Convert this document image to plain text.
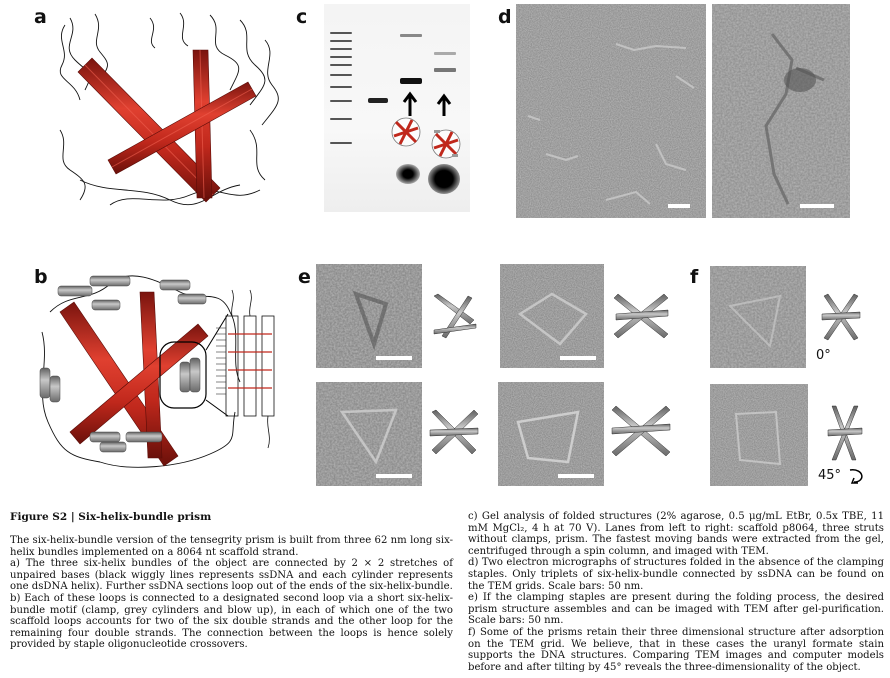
a	c	d
b	e	f
0°
45°
Figure S2 | Six-helix-bundle prism

The six-helix-bundle version of the tensegrity prism is built from three 62 nm long six-helix bundles implemented on a 8064 nt scaffold strand.

a) The three six-helix bundles of the object are connected by 2 × 2 stretches of unpaired bases (black wiggly lines represents ssDNA and each cylinder represents one dsDNA helix). Further ssDNA sections loop out of the ends of the six-helix-bundle.

b) Each of these loops is connected to a designated second loop via a short six-helix-bundle motif (clamp, grey cylinders and blow up), in each of which one of the two scaffold loops accounts for two of the six double strands and the other loop for the remaining four double strands. The connection between the loops is hence solely provided by staple oligonucleotide crossovers.

c) Gel analysis of folded structures (2% agarose, 0.5 μg/mL EtBr, 0.5x TBE, 11 mM MgCl₂, 4 h at 70 V). Lanes from left to right: scaffold p8064, three struts without clamps, prism. The fastest moving bands were extracted from the gel, centrifuged through a spin column, and imaged with TEM.

d) Two electron micrographs of structures folded in the absence of the clamping staples. Only triplets of six-helix-bundle connected by ssDNA can be found on the TEM grids. Scale bars: 50 nm.

e) If the clamping staples are present during the folding process, the desired prism structure assembles and can be imaged with TEM after gel-purification. Scale bars: 50 nm.

f) Some of the prisms retain their three dimensional structure after adsorption on the TEM grid. We believe, that in these cases the uranyl formate stain supports the DNA structures. Comparing TEM images and computer models before and after tilting by 45° reveals the three-dimensionality of the object.
